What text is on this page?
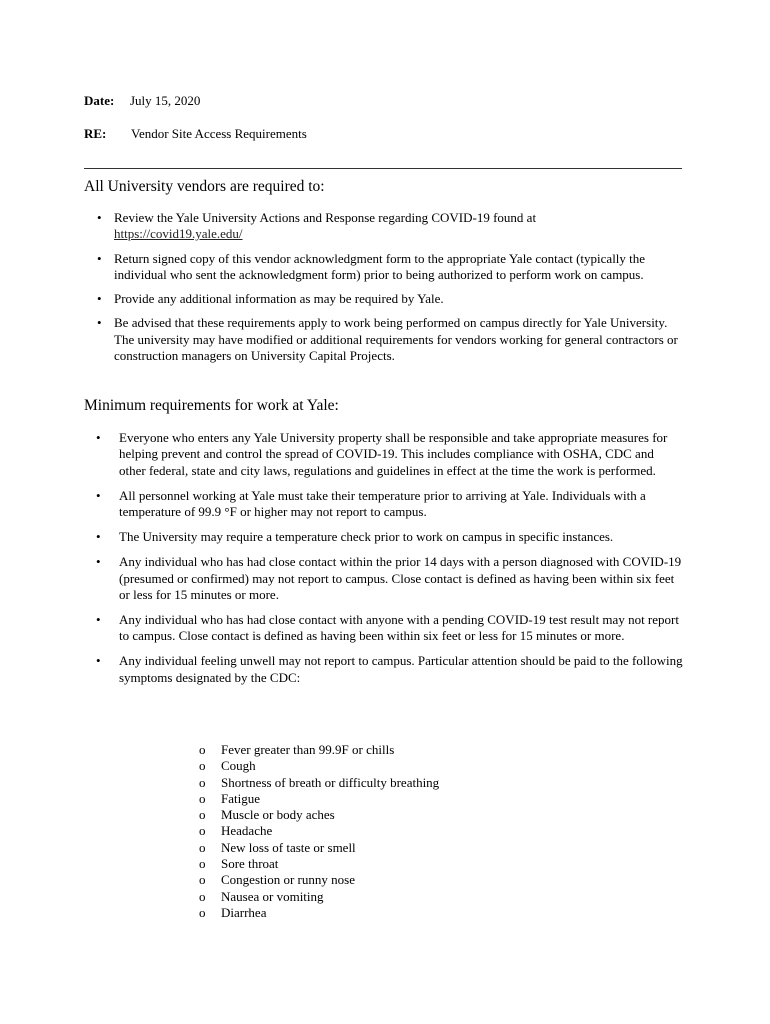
Date: July 15, 2020
RE: Vendor Site Access Requirements
All University vendors are required to:
• Review the Yale University Actions and Response regarding COVID-19 found at
https://covid19.yale.edu/
• Return signed copy of this vendor acknowledgment form to the appropriate Yale contact (typically the individual who sent the acknowledgment form) prior to being authorized to perform work on campus.
• Provide any additional information as may be required by Yale.
• Be advised that these requirements apply to work being performed on campus directly for Yale University. The university may have modified or additional requirements for vendors working for general contractors or construction managers on University Capital Projects.
Minimum requirements for work at Yale:
• Everyone who enters any Yale University property shall be responsible and take appropriate measures for helping prevent and control the spread of COVID-19. This includes compliance with OSHA, CDC and other federal, state and city laws, regulations and guidelines in effect at the time the work is performed.
• All personnel working at Yale must take their temperature prior to arriving at Yale. Individuals with a temperature of 99.9 °F or higher may not report to campus.
• The University may require a temperature check prior to work on campus in specific instances.
• Any individual who has had close contact within the prior 14 days with a person diagnosed with COVID-19 (presumed or confirmed) may not report to campus. Close contact is defined as having been within six feet or less for 15 minutes or more.
• Any individual who has had close contact with anyone with a pending COVID-19 test result may not report to campus. Close contact is defined as having been within six feet or less for 15 minutes or more.
• Any individual feeling unwell may not report to campus. Particular attention should be paid to the following symptoms designated by the CDC:
o Fever greater than 99.9F or chills
o Cough
o Shortness of breath or difficulty breathing
o Fatigue
o Muscle or body aches
o Headache
o New loss of taste or smell
o Sore throat
o Congestion or runny nose
o Nausea or vomiting
o Diarrhea
